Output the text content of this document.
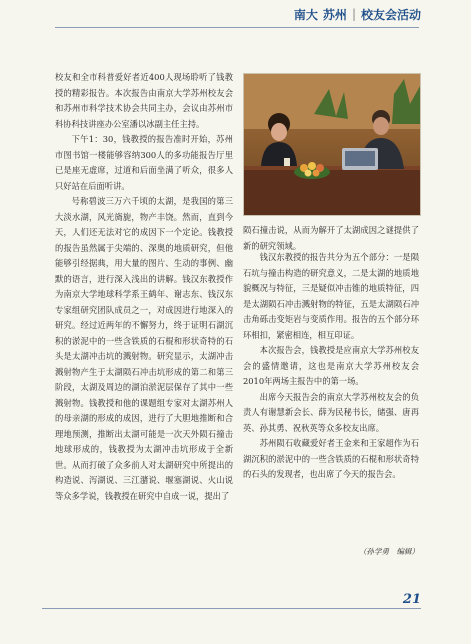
南大 苏州 | 校友会活动

校友和全市科普爱好者近400人现场聆听了钱教授的精彩报告。本次报告由南京大学苏州校友会和苏州市科学技术协会共同主办，会议由苏州市科协科技讲座办公室潘以冰副主任主持。

下午1：30，钱教授的报告准时开始，苏州市图书馆一楼能够容纳300人的多功能报告厅里已是座无虚席，过道和后面坐满了听众，很多人只好站在后面听讲。

号称碧波三万六千顷的太湖，是我国的第三大淡水湖，风光旖旎，物产丰饶。然而，直到今天，人们还无法对它的成因下一个定论。钱教授的报告虽然属于尖端的、深奥的地质研究，但他能够引经据典，用大量的图片、生动的事例、幽默的语言，进行深入浅出的讲解。钱汉东教授作为南京大学地球科学系王鹤年、谢志东、钱汉东专家组研究团队成员之一，对成因进行地深入的研究。经过近两年的不懈努力，终于证明石湖沉积的淤泥中的一些含铁质的石棍和形状奇特的石头是太湖冲击坑的溅射物。研究显示，太湖冲击溅射物产生于太湖陨石冲击坑形成的第二和第三阶段，太湖及周边的湖泊淤泥层保存了其中一些溅射物。钱教授和他的课题组专家对太湖苏州人的母亲湖的形成的成因，进行了大胆地推断和合理地预测，推断出太湖可能是一次天外陨石撞击地球形成的，钱教授为太湖冲击坑形成于全新世。从而打破了众多前人对太湖研究中所提出的构造说、泻湖说、三江潴说、堰塞湖说、火山说等众多学说，钱教授在研究中自成一说，提出了

陨石撞击说，从而为解开了太湖成因之谜提供了新的研究领域。

钱汉东教授的报告共分为五个部分：一是陨石坑与撞击构造的研究意义，二是太湖的地质地貌概况与特征，三是疑似冲击锥的地质特征，四是太湖陨石冲击溅射物的特征，五是太湖陨石冲击角砾击变矩岩与变质作用。报告的五个部分环环相扣，紧密相连，相互印证。

本次报告会，钱教授是应南京大学苏州校友会的盛情邀请，这也是南京大学苏州校友会2010年两场主报告中的第一场。

出席今天报告会的南京大学苏州校友会的负责人有谢慧新会长、薛为民秘书长，储强、唐再英、孙其勇、祝秋英等众多校友出席。

苏州陨石收藏爱好者王金来和王家超作为石湖沉积的淤泥中的一些含铁质的石棍和形状奇特的石头的发现者，也出席了今天的报告会。

（孙学勇　编辑）
21
